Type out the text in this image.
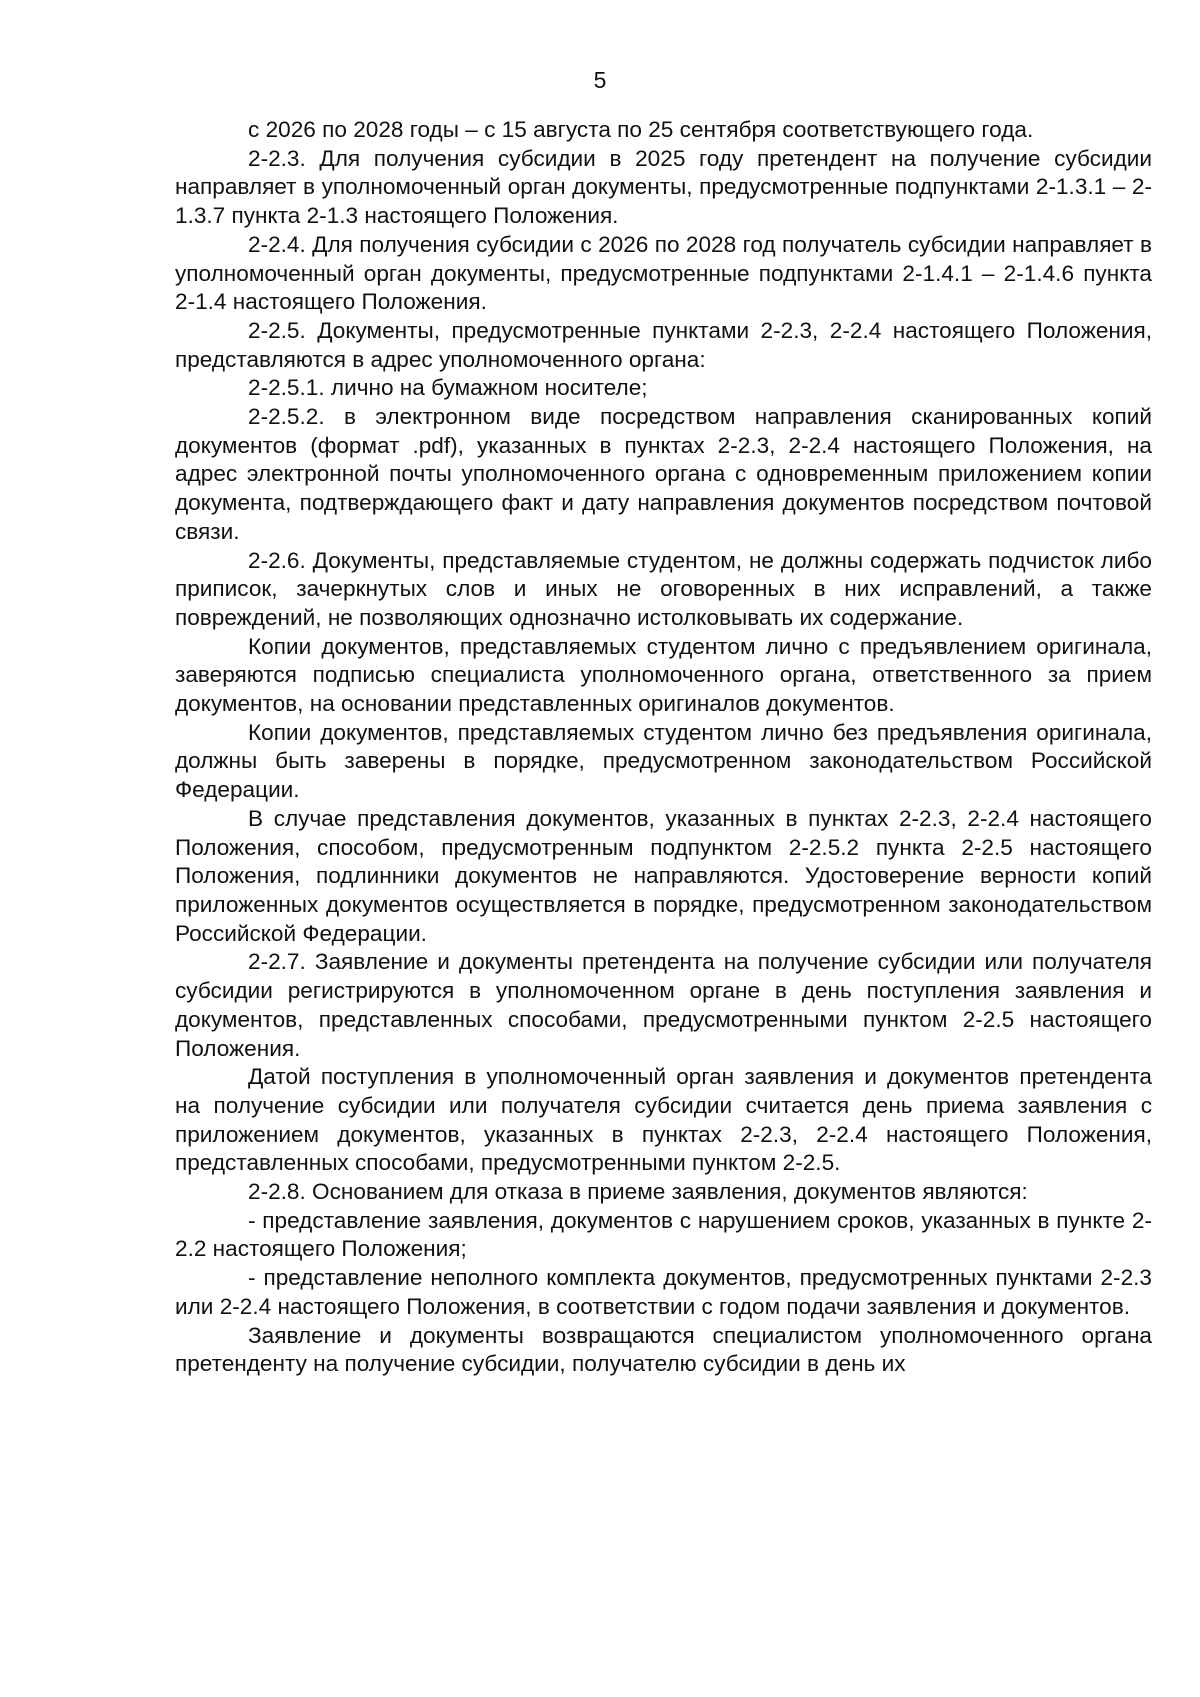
5

с 2026 по 2028 годы – с 15 августа по 25 сентября соответствующего года.

2-2.3. Для получения субсидии в 2025 году претендент на получение субсидии направляет в уполномоченный орган документы, предусмотренные подпунктами 2-1.3.1 – 2-1.3.7 пункта 2-1.3 настоящего Положения.

2-2.4. Для получения субсидии с 2026 по 2028 год получатель субсидии направляет в уполномоченный орган документы, предусмотренные подпунктами 2-1.4.1 – 2-1.4.6 пункта 2-1.4 настоящего Положения.

2-2.5. Документы, предусмотренные пунктами 2-2.3, 2-2.4 настоящего Положения, представляются в адрес уполномоченного органа:

2-2.5.1. лично на бумажном носителе;

2-2.5.2. в электронном виде посредством направления сканированных копий документов (формат .pdf), указанных в пунктах 2-2.3, 2-2.4 настоящего Положения, на адрес электронной почты уполномоченного органа с одновременным приложением копии документа, подтверждающего факт и дату направления документов посредством почтовой связи.

2-2.6. Документы, представляемые студентом, не должны содержать подчисток либо приписок, зачеркнутых слов и иных не оговоренных в них исправлений, а также повреждений, не позволяющих однозначно истолковывать их содержание.

Копии документов, представляемых студентом лично с предъявлением оригинала, заверяются подписью специалиста уполномоченного органа, ответственного за прием документов, на основании представленных оригиналов документов.

Копии документов, представляемых студентом лично без предъявления оригинала, должны быть заверены в порядке, предусмотренном законодательством Российской Федерации.

В случае представления документов, указанных в пунктах 2-2.3, 2-2.4 настоящего Положения, способом, предусмотренным подпунктом 2-2.5.2 пункта 2-2.5 настоящего Положения, подлинники документов не направляются. Удостоверение верности копий приложенных документов осуществляется в порядке, предусмотренном законодательством Российской Федерации.

2-2.7. Заявление и документы претендента на получение субсидии или получателя субсидии регистрируются в уполномоченном органе в день поступления заявления и документов, представленных способами, предусмотренными пунктом 2-2.5 настоящего Положения.

Датой поступления в уполномоченный орган заявления и документов претендента на получение субсидии или получателя субсидии считается день приема заявления с приложением документов, указанных в пунктах 2-2.3, 2-2.4 настоящего Положения, представленных способами, предусмотренными пунктом 2-2.5.

2-2.8. Основанием для отказа в приеме заявления, документов являются:

- представление заявления, документов с нарушением сроков, указанных в пункте 2-2.2 настоящего Положения;

- представление неполного комплекта документов, предусмотренных пунктами 2-2.3 или 2-2.4 настоящего Положения, в соответствии с годом подачи заявления и документов.

Заявление и документы возвращаются специалистом уполномоченного органа претенденту на получение субсидии, получателю субсидии в день их
